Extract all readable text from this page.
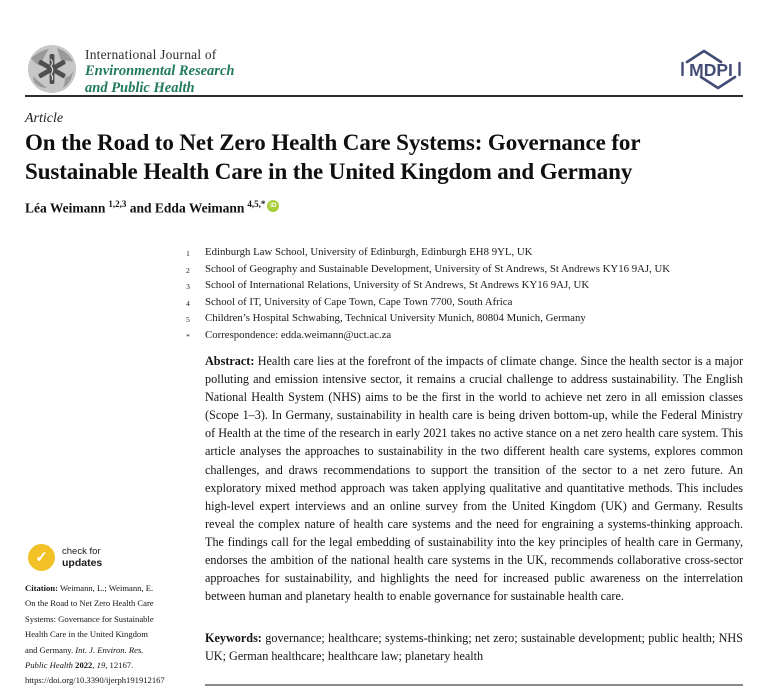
International Journal of
Environmental Research
and Public Health
MDPI
Article
On the Road to Net Zero Health Care Systems: Governance for Sustainable Health Care in the United Kingdom and Germany
Léa Weimann $^{1,2,3}$ and Edda Weimann $^{4,5,*}$ iD
1	Edinburgh Law School, University of Edinburgh, Edinburgh EH8 9YL, UK
2	School of Geography and Sustainable Development, University of St Andrews, St Andrews KY16 9AJ, UK
3	School of International Relations, University of St Andrews, St Andrews KY16 9AJ, UK
4	School of IT, University of Cape Town, Cape Town 7700, South Africa
5	Children’s Hospital Schwabing, Technical University Munich, 80804 Munich, Germany
*	Correspondence: edda.weimann@uct.ac.za

Abstract: Health care lies at the forefront of the impacts of climate change. Since the health sector is a major polluting and emission intensive sector, it remains a crucial challenge to address sustainability. The English National Health System (NHS) aims to be the first in the world to achieve net zero in all emission classes (Scope 1–3). In Germany, sustainability in health care is being driven bottom-up, while the Federal Ministry of Health at the time of the research in early 2021 takes no active stance on a net zero health care system. This article analyses the approaches to sustainability in the two different health care systems, explores common challenges, and draws recommendations to support the transition of the sector to a net zero future. An exploratory mixed method approach was taken applying qualitative and quantitative methods. This includes high-level expert interviews and an online survey from the United Kingdom (UK) and Germany. Results reveal the complex nature of health care systems and the need for engraining a systems-thinking approach. The findings call for the legal embedding of sustainability into the key principles of health care in Germany, endorses the ambition of the national health care systems in the UK, recommends collaborative cross-sector approaches for sustainability, and highlights the need for increased public awareness on the interrelation between human and planetary health to enable governance for sustainable health care.

Keywords: governance; healthcare; systems-thinking; net zero; sustainable development; public health; NHS UK; German healthcare; healthcare law; planetary health

✓	check for
updates
Citation: Weimann, L.; Weimann, E. On the Road to Net Zero Health Care Systems: Governance for Sustainable Health Care in the United Kingdom and Germany. Int. J. Environ. Res. Public Health 2022, 19, 12167. https://doi.org/10.3390/ijerph191912167
